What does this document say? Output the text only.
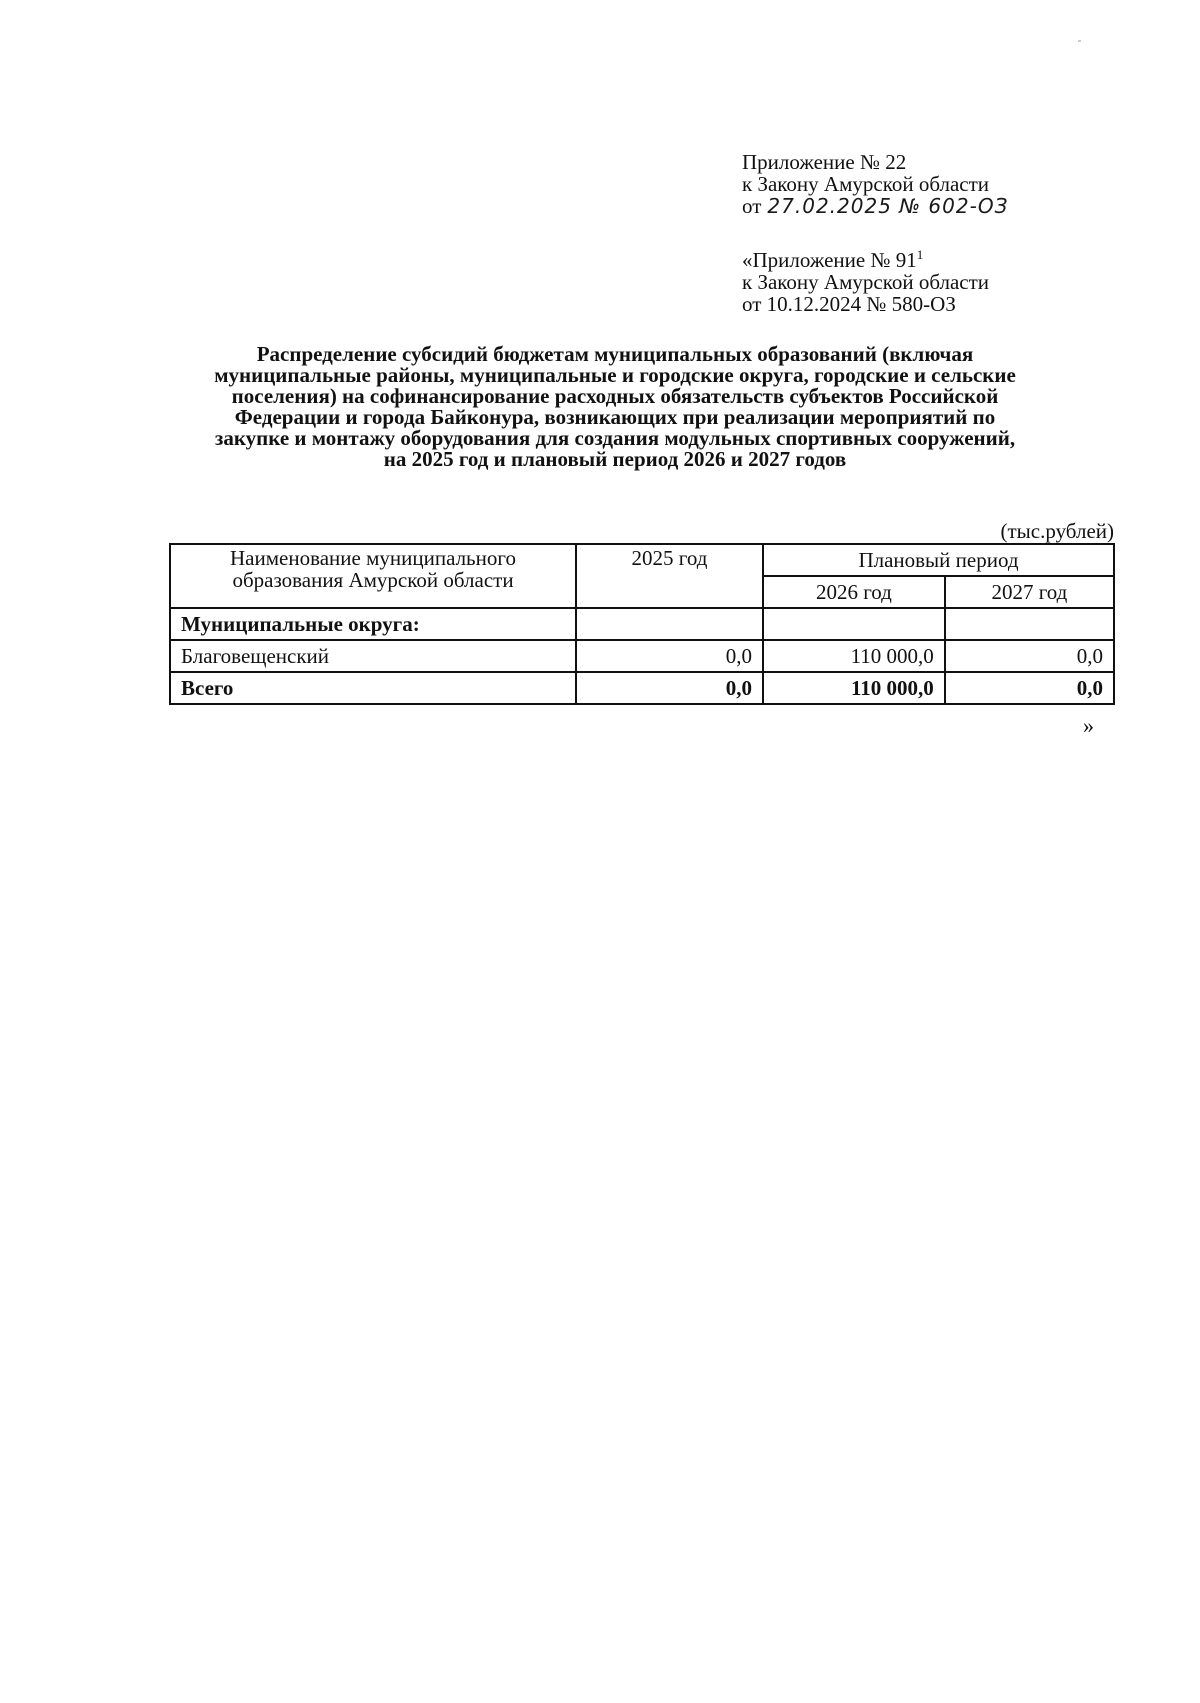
Приложение № 22
к Закону Амурской области
от 27.02.2025 № 602-ОЗ
«Приложение № $91^1$
к Закону Амурской области
от 10.12.2024 № 580-ОЗ
Распределение субсидий бюджетам муниципальных образований (включая
муниципальные районы, муниципальные и городские округа, городские и сельские
поселения) на софинансирование расходных обязательств субъектов Российской
Федерации и города Байконура, возникающих при реализации мероприятий по
закупке и монтажу оборудования для создания модульных спортивных сооружений,
на 2025 год и плановый период 2026 и 2027 годов
(тыс.рублей)
Наименование муниципального
образования Амурской области	2025 год	Плановый период	
		2026 год	2027 год
Муниципальные округа:			
Благовещенский	0,0	110 000,0	0,0
Всего	0,0	110 000,0	0,0
»
